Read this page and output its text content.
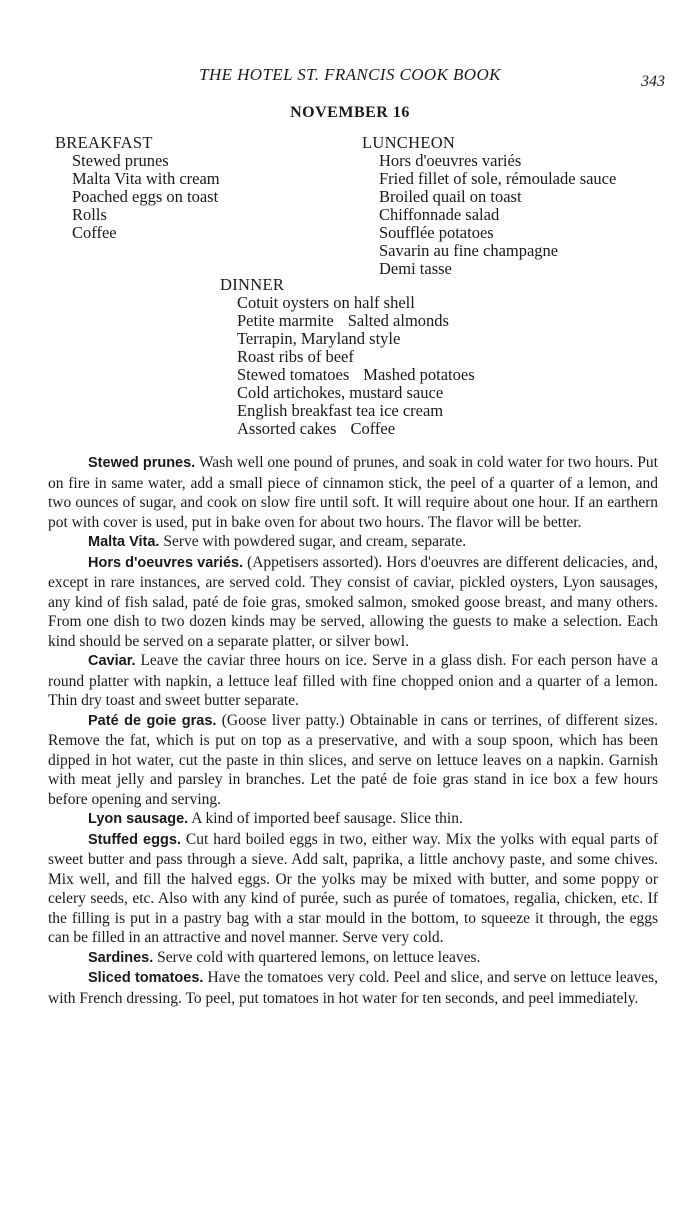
THE HOTEL ST. FRANCIS COOK BOOK	343
NOVEMBER 16
BREAKFAST
Stewed prunes
Malta Vita with cream
Poached eggs on toast
Rolls
Coffee
LUNCHEON
Hors d'oeuvres variés
Fried fillet of sole, rémoulade sauce
Broiled quail on toast
Chiffonnade salad
Soufflée potatoes
Savarin au fine champagne
Demi tasse
DINNER
Cotuit oysters on half shell
Petite marmite Salted almonds
Terrapin, Maryland style
Roast ribs of beef
Stewed tomatoes Mashed potatoes
Cold artichokes, mustard sauce
English breakfast tea ice cream
Assorted cakes Coffee

Stewed prunes. Wash well one pound of prunes, and soak in cold water for two hours. Put on fire in same water, add a small piece of cinnamon stick, the peel of a quarter of a lemon, and two ounces of sugar, and cook on slow fire until soft. It will require about one hour. If an earthern pot with cover is used, put in bake oven for about two hours. The flavor will be better.

Malta Vita. Serve with powdered sugar, and cream, separate.

Hors d'oeuvres variés. (Appetisers assorted). Hors d'oeuvres are different delicacies, and, except in rare instances, are served cold. They consist of caviar, pickled oysters, Lyon sausages, any kind of fish salad, paté de foie gras, smoked salmon, smoked goose breast, and many others. From one dish to two dozen kinds may be served, allowing the guests to make a selection. Each kind should be served on a separate platter, or silver bowl.

Caviar. Leave the caviar three hours on ice. Serve in a glass dish. For each person have a round platter with napkin, a lettuce leaf filled with fine chopped onion and a quarter of a lemon. Thin dry toast and sweet butter separate.

Paté de goie gras. (Goose liver patty.) Obtainable in cans or terrines, of different sizes. Remove the fat, which is put on top as a preservative, and with a soup spoon, which has been dipped in hot water, cut the paste in thin slices, and serve on lettuce leaves on a napkin. Garnish with meat jelly and parsley in branches. Let the paté de foie gras stand in ice box a few hours before opening and serving.

Lyon sausage. A kind of imported beef sausage. Slice thin.

Stuffed eggs. Cut hard boiled eggs in two, either way. Mix the yolks with equal parts of sweet butter and pass through a sieve. Add salt, paprika, a little anchovy paste, and some chives. Mix well, and fill the halved eggs. Or the yolks may be mixed with butter, and some poppy or celery seeds, etc. Also with any kind of purée, such as purée of tomatoes, regalia, chicken, etc. If the filling is put in a pastry bag with a star mould in the bottom, to squeeze it through, the eggs can be filled in an attractive and novel manner. Serve very cold.

Sardines. Serve cold with quartered lemons, on lettuce leaves.

Sliced tomatoes. Have the tomatoes very cold. Peel and slice, and serve on lettuce leaves, with French dressing. To peel, put tomatoes in hot water for ten seconds, and peel immediately.
